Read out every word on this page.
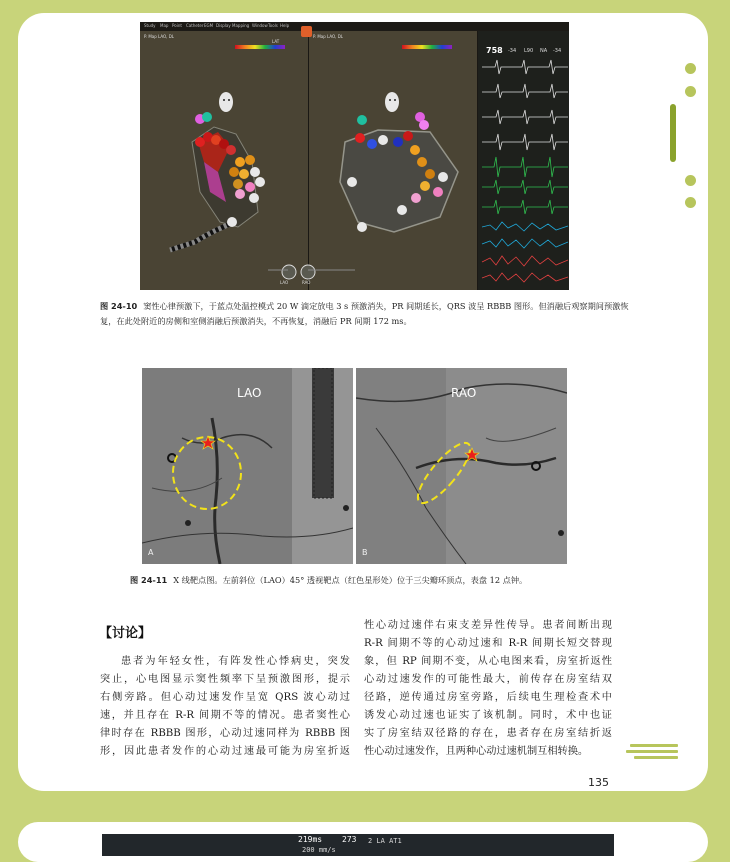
Study Map Point Catheter EGM Display Mapping Window Tools Help
P. Map LAO, DL	P. Map LAO, DL
LAT
758 -34 L90 NA -34
LAO	RAO
图 24-10 窦性心律预激下，于蓝点处温控模式 20 W 滴定放电 3 s 预激消失，PR 间期延长，QRS 波呈 RBBB 图形。但消融后观察期间预激恢复，在此处附近的房侧和室侧消融后预激消失，不再恢复，消融后 PR 间期 172 ms。
LAO
A
RAO
B
图 24-11 X 线靶点图。左前斜位（LAO）45° 透视靶点（红色星形处）位于三尖瓣环顶点，表盘 12 点钟。
【讨论】
患者为年轻女性，有阵发性心悸病史，突发
突止，心电图显示窦性频率下呈预激图形，提示
右侧旁路。但心动过速发作呈宽 QRS 波心动过
速，并且存在 R-R 间期不等的情况。患者窦性心
律时存在 RBBB 图形，心动过速同样为 RBBB 图
形，因此患者发作的心动过速最可能为房室折返
性心动过速伴右束支差异性传导。患者间断出现
R-R 间期不等的心动过速和 R-R 间期长短交替现
象，但 RP 间期不变，从心电图来看，房室折返性
心动过速发作的可能性最大，前传存在房室结双
径路，逆传通过房室旁路，后续电生理检查术中
诱发心动过速也证实了该机制。同时，术中也证
实了房室结双径路的存在，患者存在房室结折返
性心动过速发作，且两种心动过速机制互相转换。
135
219ms 273 2 LA AT1
200 mm/s
